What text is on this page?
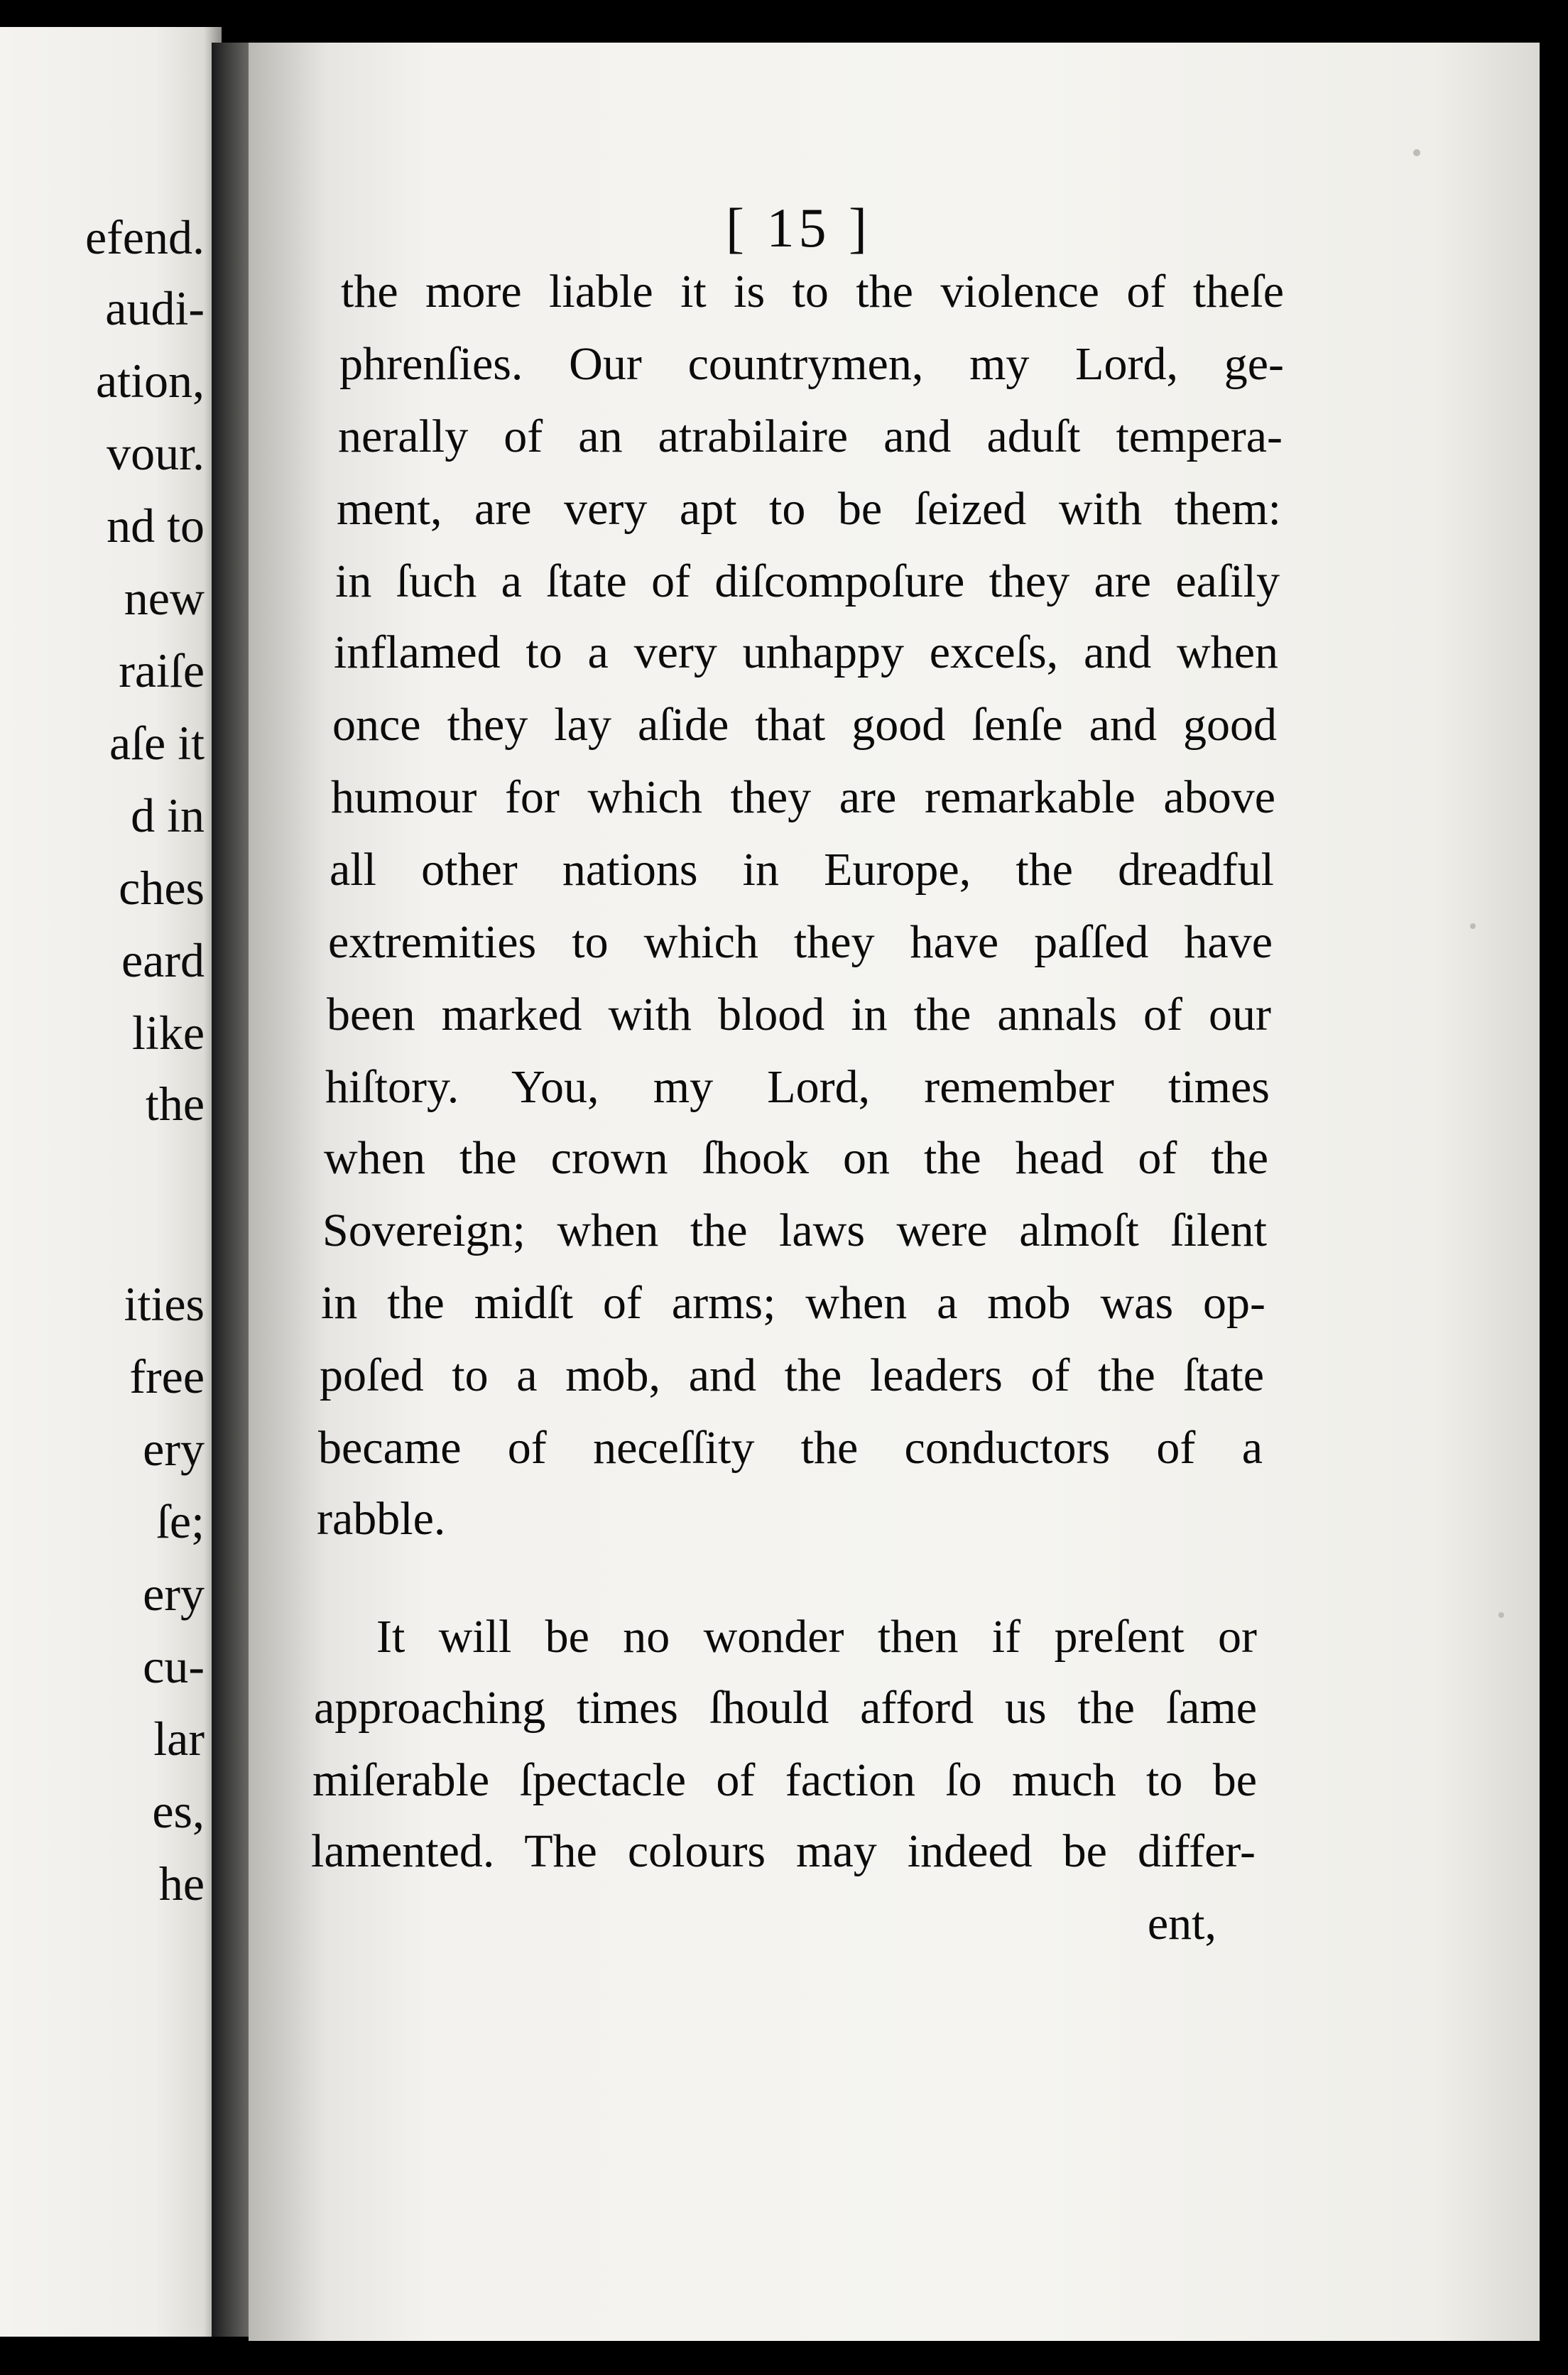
efend.
audi-
ation,
vour.
nd to
new
raiſe
aſe it
d in
ches
eard
like
the
ities
free
ery
ſe;
ery
cu-
lar
es,
he
[ 15 ]
the more liable it is to the violence of theſe
phrenſies. Our countrymen, my Lord, ge-
nerally of an atrabilaire and aduſt tempera-
ment, are very apt to be ſeized with them:
in ſuch a ſtate of diſcompoſure they are eaſily
inflamed to a very unhappy exceſs, and when
once they lay aſide that good ſenſe and good
humour for which they are remarkable above
all other nations in Europe, the dreadful
extremities to which they have paſſed have
been marked with blood in the annals of our
hiſtory. You, my Lord, remember times
when the crown ſhook on the head of the
Sovereign; when the laws were almoſt ſilent
in the midſt of arms; when a mob was op-
poſed to a mob, and the leaders of the ſtate
became of neceſſity the conductors of a
rabble.
It will be no wonder then if preſent or
approaching times ſhould afford us the ſame
miſerable ſpectacle of faction ſo much to be
lamented. The colours may indeed be differ-
ent,
